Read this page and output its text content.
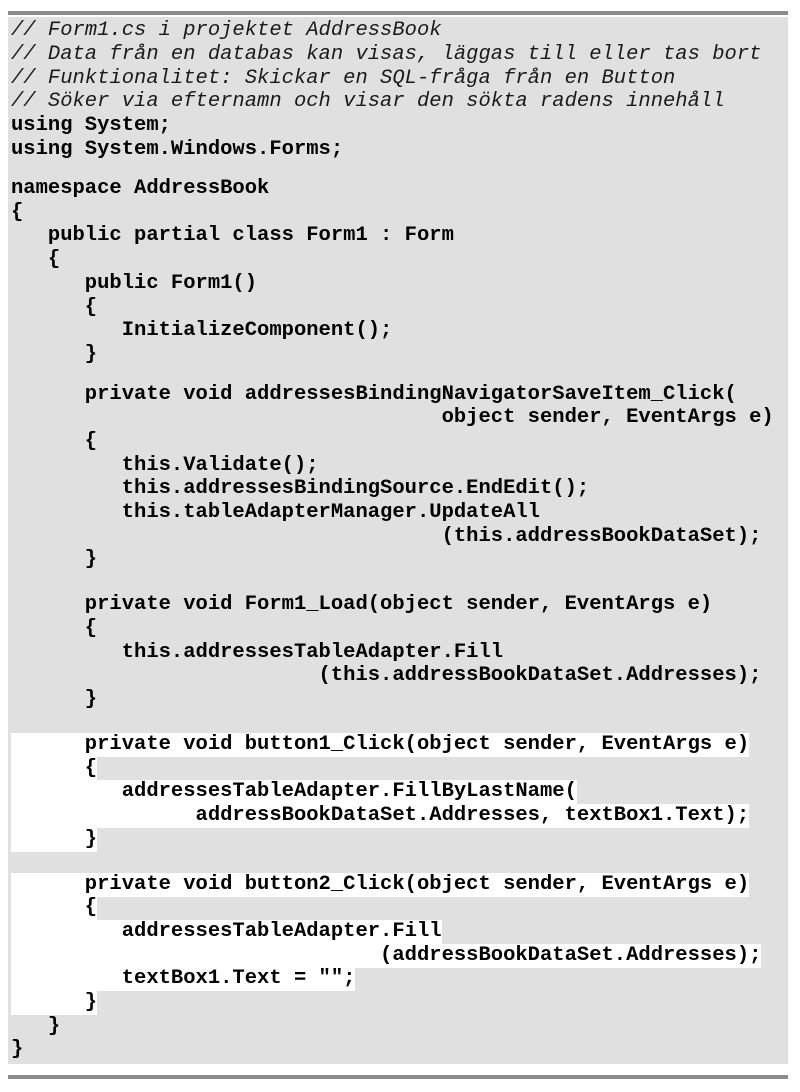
// Form1.cs i projektet AddressBook
// Data från en databas kan visas, läggas till eller tas bort
// Funktionalitet: Skickar en SQL-fråga från en Button
// Söker via efternamn och visar den sökta radens innehåll
using System;
using System.Windows.Forms;
namespace AddressBook
{
public partial class Form1 : Form
{
public Form1()
{
InitializeComponent();
}
private void addressesBindingNavigatorSaveItem_Click(
object sender, EventArgs e)
{
this.Validate();
this.addressesBindingSource.EndEdit();
this.tableAdapterManager.UpdateAll
(this.addressBookDataSet);
}
private void Form1_Load(object sender, EventArgs e)
{
this.addressesTableAdapter.Fill
(this.addressBookDataSet.Addresses);
}
private void button1_Click(object sender, EventArgs e)
{
addressesTableAdapter.FillByLastName(
addressBookDataSet.Addresses, textBox1.Text);
}
private void button2_Click(object sender, EventArgs e)
{
addressesTableAdapter.Fill
(addressBookDataSet.Addresses);
textBox1.Text = "";
}
}
}
